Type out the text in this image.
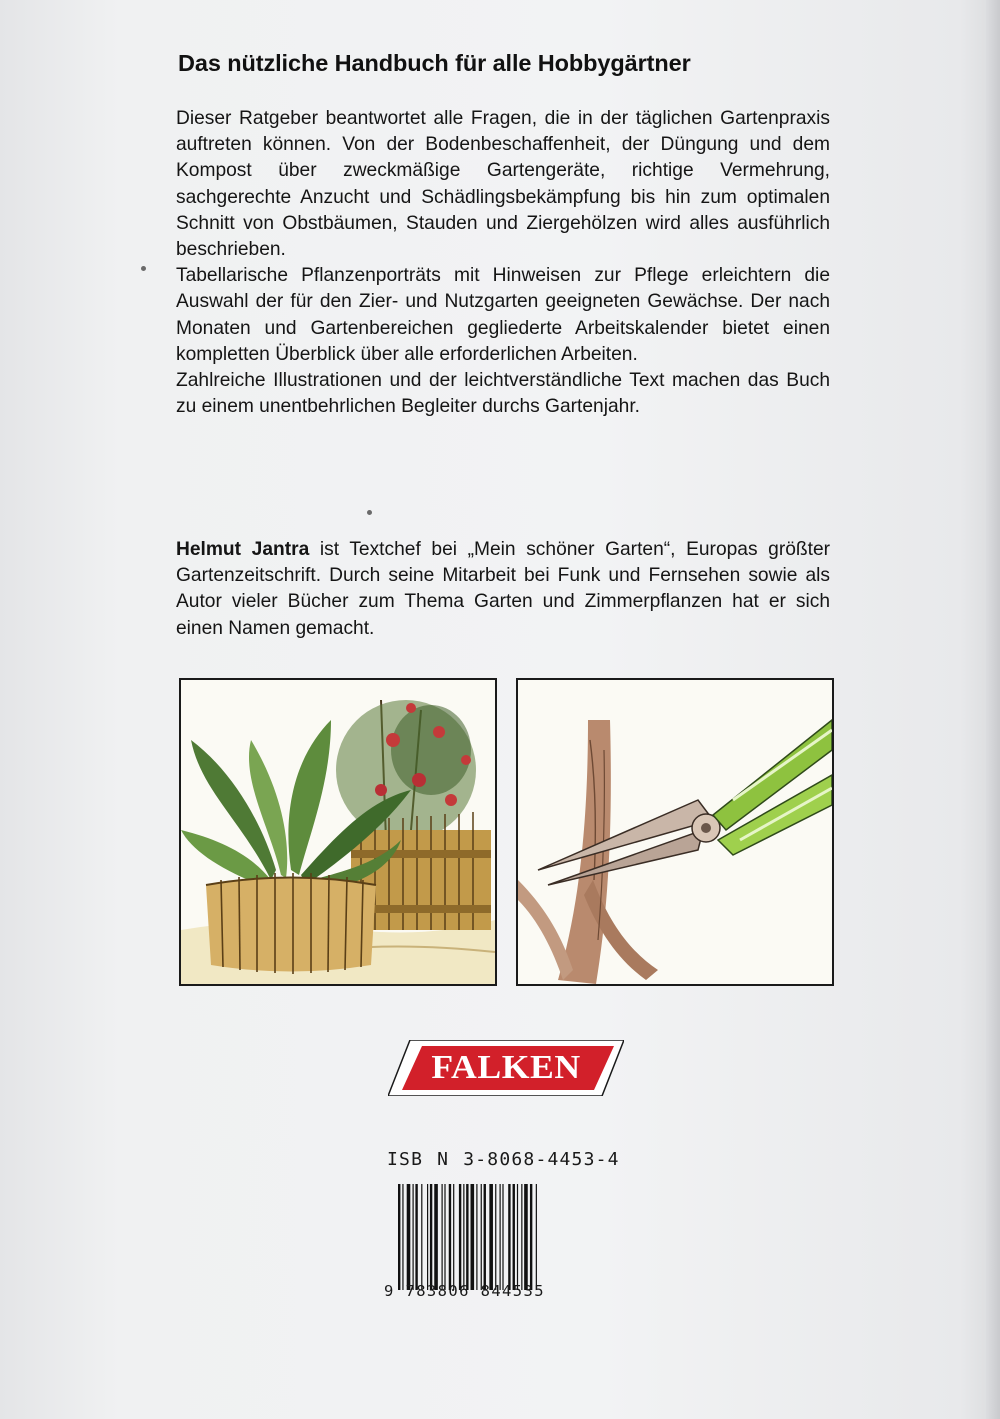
Das nützliche Handbuch für alle Hobbygärtner

Dieser Ratgeber beantwortet alle Fragen, die in der täglichen Gartenpraxis auftreten können. Von der Bodenbeschaffenheit, der Düngung und dem Kompost über zweckmäßige Gartengeräte, richtige Vermehrung, sachgerechte Anzucht und Schädlingsbekämpfung bis hin zum optimalen Schnitt von Obstbäumen, Stauden und Ziergehölzen wird alles ausführlich beschrieben.

Tabellarische Pflanzenporträts mit Hinweisen zur Pflege erleichtern die Auswahl der für den Zier- und Nutzgarten geeigneten Gewächse. Der nach Monaten und Gartenbereichen gegliederte Arbeitskalender bietet einen kompletten Überblick über alle erforderlichen Arbeiten.

Zahlreiche Illustrationen und der leichtverständliche Text machen das Buch zu einem unentbehrlichen Begleiter durchs Gartenjahr.

Helmut Jantra ist Textchef bei „Mein schöner Garten“, Europas größter Gartenzeitschrift. Durch seine Mitarbeit bei Funk und Fernsehen sowie als Autor vieler Bücher zum Thema Garten und Zimmerpflanzen hat er sich einen Namen gemacht.

FALKEN
ISB N 3-8068-4453-4
9 783806 844535
